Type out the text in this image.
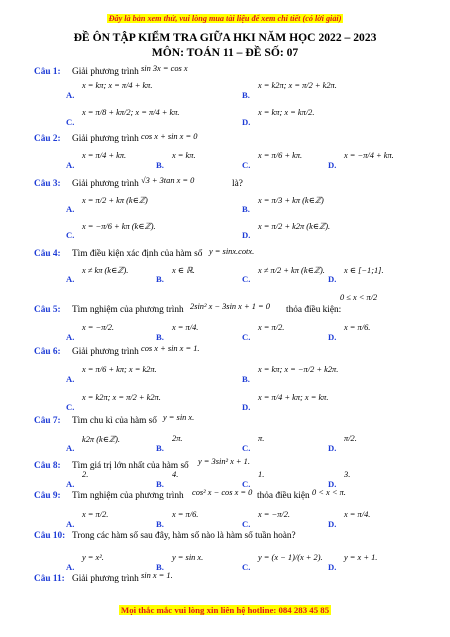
Đây là bản xem thử, vui lòng mua tài liệu để xem chi tiết (có lời giải)
ĐỀ ÔN TẬP KIỂM TRA GIỮA HKI NĂM HỌC 2022 – 2023
MÔN: TOÁN 11 – ĐỀ SỐ: 07
Câu 1: Giải phương trình sin 3x = cos x
Câu 2: Giải phương trình cos x + sin x = 0
Câu 3: Giải phương trình √3 + 3tan x = 0	là?
Câu 4: Tìm điều kiện xác định của hàm số y = sinx.cotx.
Câu 5: Tìm nghiệm của phương trình 2sin² x − 3sin x + 1 = 0 thỏa điều kiện:
0 ≤ x < π/2
Câu 6: Giải phương trình cos x + sin x = 1.
Câu 7: Tìm chu kì của hàm số y = sin x.
Câu 8: Tìm giá trị lớn nhất của hàm số y = 3sin² x + 1.
Câu 9: Tìm nghiệm của phương trình cos² x − cos x = 0 thỏa điều kiện 0 < x < π.
Câu 10: Trong các hàm số sau đây, hàm số nào là hàm số tuần hoàn?
Câu 11: Giải phương trình sin x = 1.
A.
x = kπ; x = π/4 + kπ.
B.
x = k2π; x = π/2 + k2π.
C.
x = π/8 + kπ/2; x = π/4 + kπ.
D.
x = kπ; x = kπ/2.
A.
x = π/4 + kπ.
B.
x = kπ.
C.
x = π/6 + kπ.
D.
x = −π/4 + kπ.
A.
x = π/2 + kπ (k∈ℤ)
B.
x = π/3 + kπ (k∈ℤ)
C.
x = −π/6 + kπ (k∈ℤ).
D.
x = π/2 + k2π (k∈ℤ).
A.
x ≠ kπ (k∈ℤ).
B.
x ∈ ℝ.
C.
x ≠ π/2 + kπ (k∈ℤ).
D.
x ∈ [−1;1].
A.
x = −π/2.
B.
x = π/4.
C.
x = π/2.
D.
x = π/6.
A.
x = π/6 + kπ; x = k2π.
B.
x = kπ; x = −π/2 + k2π.
C.
x = k2π; x = π/2 + k2π.
D.
x = π/4 + kπ; x = kπ.
A.
k2π (k∈ℤ).
B.
2π.
C.
π.
D.
π/2.
A.
2.
B.
4.
C.
1.
D.
3.
A.
x = π/2.
B.
x = π/6.
C.
x = −π/2.
D.
x = π/4.
A.
y = x².
B.
y = sin x.
C.
y = (x − 1)/(x + 2).
D.
y = x + 1.
Mọi thắc mắc vui lòng xin liên hệ hotline: 084 283 45 85
